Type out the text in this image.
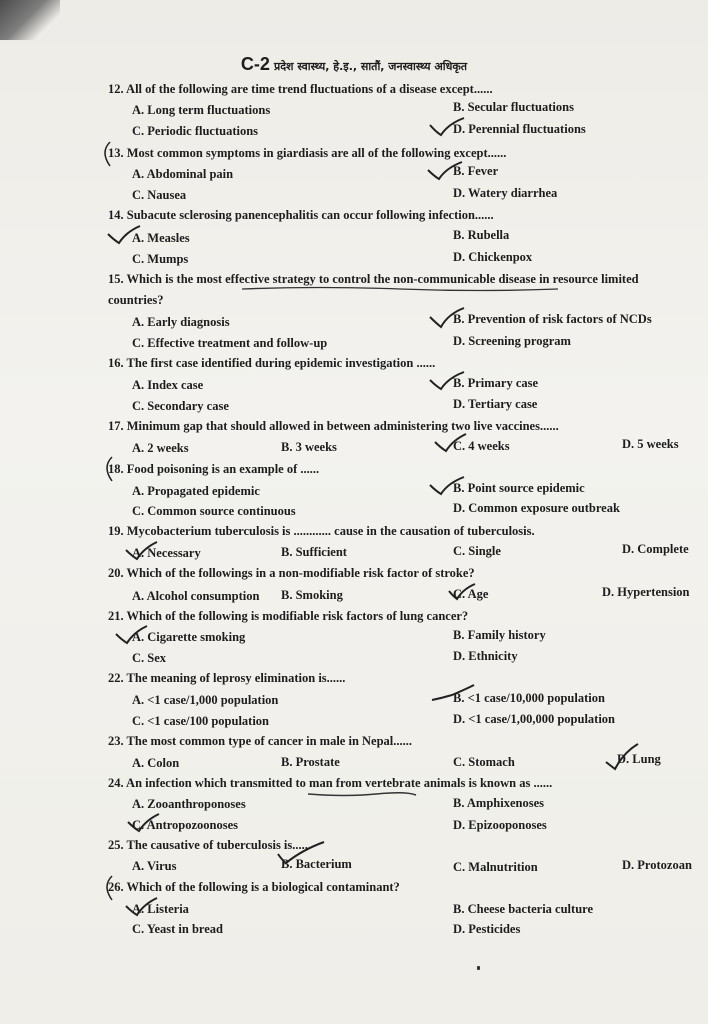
C-2 प्रदेश स्वास्थ्य, हे.इ., सातौं, जनस्वास्थ्य अधिकृत
12. All of the following are time trend fluctuations of a disease except......
A. Long term fluctuations	B. Secular fluctuations
C. Periodic fluctuations	D. Perennial fluctuations
13. Most common symptoms in giardiasis are all of the following except......
A. Abdominal pain	B. Fever
C. Nausea	D. Watery diarrhea
14. Subacute sclerosing panencephalitis can occur following infection......
A. Measles	B. Rubella
C. Mumps	D. Chickenpox
15. Which is the most effective strategy to control the non-communicable disease in resource limited countries?
A. Early diagnosis	B. Prevention of risk factors of NCDs
C. Effective treatment and follow-up	D. Screening program
16. The first case identified during epidemic investigation ......
A. Index case	B. Primary case
C. Secondary case	D. Tertiary case
17. Minimum gap that should allowed in between administering two live vaccines......
A. 2 weeks	B. 3 weeks	C. 4 weeks	D. 5 weeks
18. Food poisoning is an example of ......
A. Propagated epidemic	B. Point source epidemic
C. Common source continuous	D. Common exposure outbreak
19. Mycobacterium tuberculosis is ............ cause in the causation of tuberculosis.
A. Necessary	B. Sufficient	C. Single	D. Complete
20. Which of the followings in a non-modifiable risk factor of stroke?
A. Alcohol consumption B. Smoking	C. Age	D. Hypertension
21. Which of the following is modifiable risk factors of lung cancer?
A. Cigarette smoking	B. Family history
C. Sex	D. Ethnicity
22. The meaning of leprosy elimination is......
A. <1 case/1,000 population	B. <1 case/10,000 population
C. <1 case/100 population	D. <1 case/1,00,000 population
23. The most common type of cancer in male in Nepal......
A. Colon	B. Prostate	C. Stomach	D. Lung
24. An infection which transmitted to man from vertebrate animals is known as ......
A. Zooanthroponoses	B. Amphixenoses
C. Antropozoonoses	D. Epizooponoses
25. The causative of tuberculosis is......
A. Virus	B. Bacterium	C. Malnutrition	D. Protozoan
26. Which of the following is a biological contaminant?
A. Listeria	B. Cheese bacteria culture
C. Yeast in bread	D. Pesticides
